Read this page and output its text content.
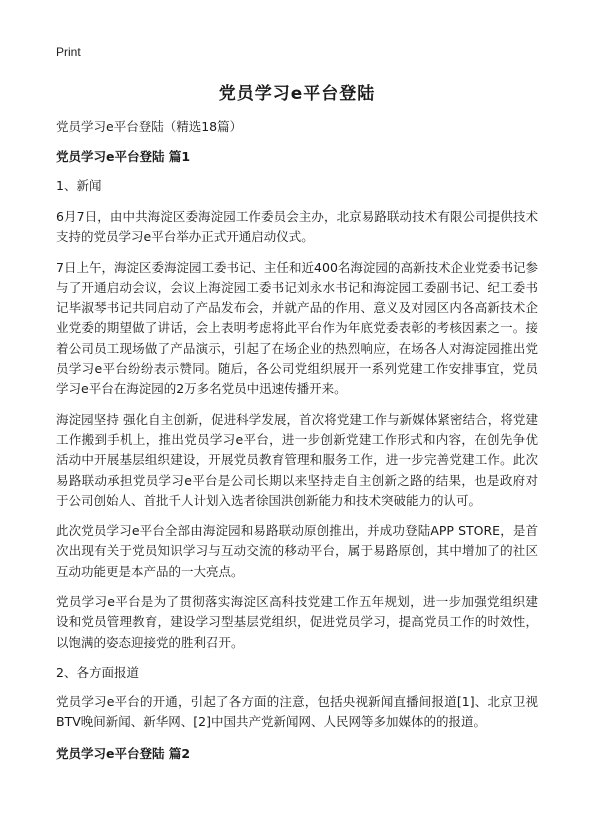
Print
党员学习e平台登陆
党员学习e平台登陆（精选18篇）
党员学习e平台登陆 篇1
1、新闻

6月7日，由中共海淀区委海淀园工作委员会主办，北京易路联动技术有限公司提供技术支持的党员学习e平台举办正式开通启动仪式。

7日上午，海淀区委海淀园工委书记、主任和近400名海淀园的高新技术企业党委书记参与了开通启动会议，会议上海淀园工委书记刘永水书记和海淀园工委副书记、纪工委书记毕淑琴书记共同启动了产品发布会，并就产品的作用、意义及对园区内各高新技术企业党委的期望做了讲话，会上表明考虑将此平台作为年底党委表彰的考核因素之一。接着公司员工现场做了产品演示，引起了在场企业的热烈响应，在场各人对海淀园推出党员学习e平台纷纷表示赞同。随后，各公司党组织展开一系列党建工作安排事宜，党员学习e平台在海淀园的2万多名党员中迅速传播开来。

海淀园坚持 强化自主创新，促进科学发展，首次将党建工作与新媒体紧密结合，将党建工作搬到手机上，推出党员学习e平台，进一步创新党建工作形式和内容，在创先争优活动中开展基层组织建设，开展党员教育管理和服务工作，进一步完善党建工作。此次易路联动承担党员学习e平台是公司长期以来坚持走自主创新之路的结果，也是政府对于公司创始人、首批千人计划入选者徐国洪创新能力和技术突破能力的认可。

此次党员学习e平台全部由海淀园和易路联动原创推出，并成功登陆APP STORE，是首次出现有关于党员知识学习与互动交流的移动平台，属于易路原创，其中增加了的社区互动功能更是本产品的一大亮点。

党员学习e平台是为了贯彻落实海淀区高科技党建工作五年规划，进一步加强党组织建设和党员管理教育，建设学习型基层党组织，促进党员学习，提高党员工作的时效性，以饱满的姿态迎接党的胜利召开。

2、各方面报道

党员学习e平台的开通，引起了各方面的注意，包括央视新闻直播间报道[1]、北京卫视BTV晚间新闻、新华网、[2]中国共产党新闻网、人民网等多加媒体的的报道。

党员学习e平台登陆 篇2
